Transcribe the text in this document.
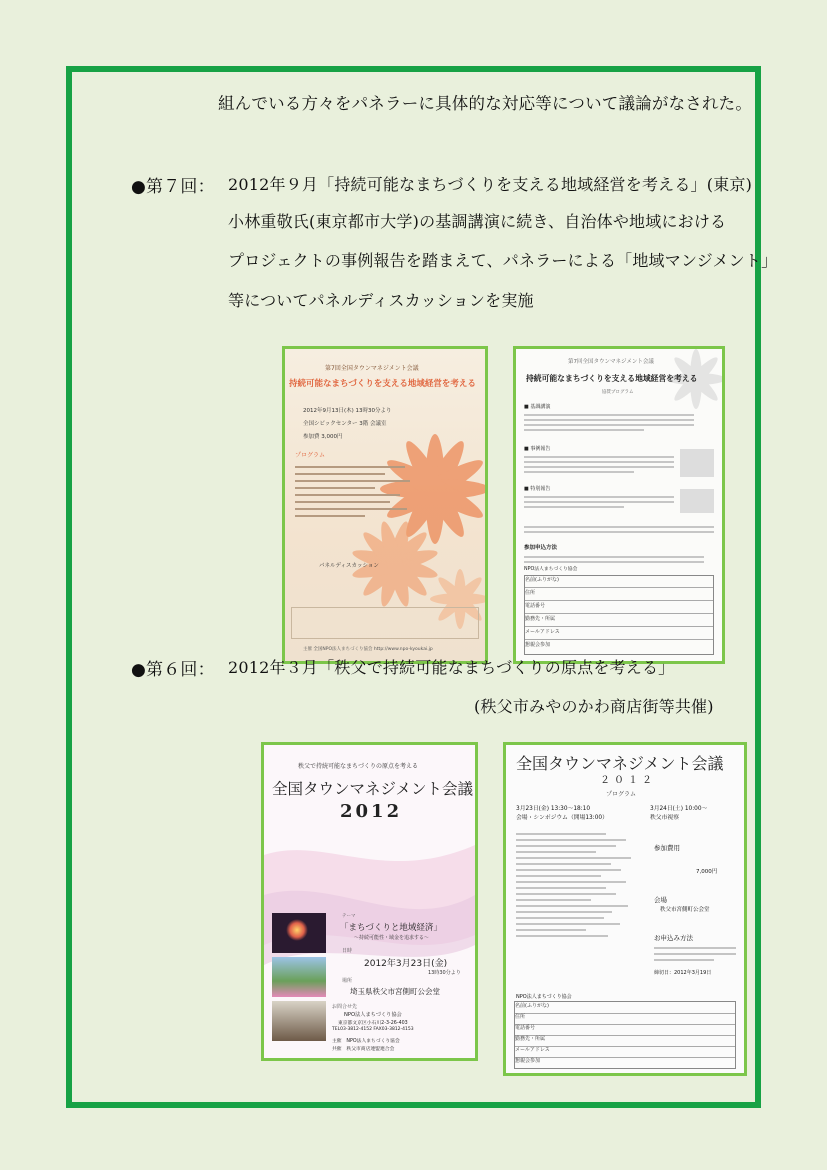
組んでいる方々をパネラーに具体的な対応等について議論がなされた。
●第７回： 2012年９月「持続可能なまちづくりを支える地域経営を考える」(東京)
小林重敬氏(東京都市大学)の基調講演に続き、自治体や地域における
プロジェクトの事例報告を踏まえて、パネラーによる「地域マンジメント」
等についてパネルディスカッションを実施
第7回全国タウンマネジメント会議
持続可能なまちづくりを支える地域経営を考える
2012年9月13日(木) 13時30分より
全国シビックセンター 3階 会議室
参加費 3,000円
プログラム
パネルディスカッション
主催 全国NPO法人まちづくり協会 http://www.npo-kyoukai.jp
第7回全国タウンマネジメント会議
持続可能なまちづくりを支える地域経営を考える
協賛プログラム
■ 基調講演
■ 事例報告
■ 特別報告
参加申込方法
NPO法人まちづくり協会
名前(ふりがな)
住所
電話番号
勤務先・所属
メールアドレス
懇親会参加
●第６回： 2012年３月「秩父で持続可能なまちづくりの原点を考える」
(秩父市みやのかわ商店街等共催)
秩父で持続可能なまちづくりの原点を考える
全国タウンマネジメント会議
2012
テーマ
「まちづくりと地域経済」
～持続可能性・域金を追求する～
日時
2012年3月23日(金)
13時30分より
場所
埼玉県秩父市宮側町公会堂
お問合せ先
NPO法人まちづくり協会
東京都文京区小石川2-3-26-403
TEL03-3812-4152 FAX03-3812-4153
主催　NPO法人まちづくり協会
共催　秩父市商店連盟連合会
全国タウンマネジメント会議
２０１２
プログラム
3月23日(金) 13:30～18:10
会場・シンポジウム（開場13:00）
3月24日(土) 10:00～
秩父市視察
参加費用
7,000円
会場
秩父市宮側町公会堂
お申込み方法
締切日：2012年3月19日
NPO法人まちづくり協会
名前(ふりがな)
住所
電話番号
勤務先・所属
メールアドレス
懇親会参加
